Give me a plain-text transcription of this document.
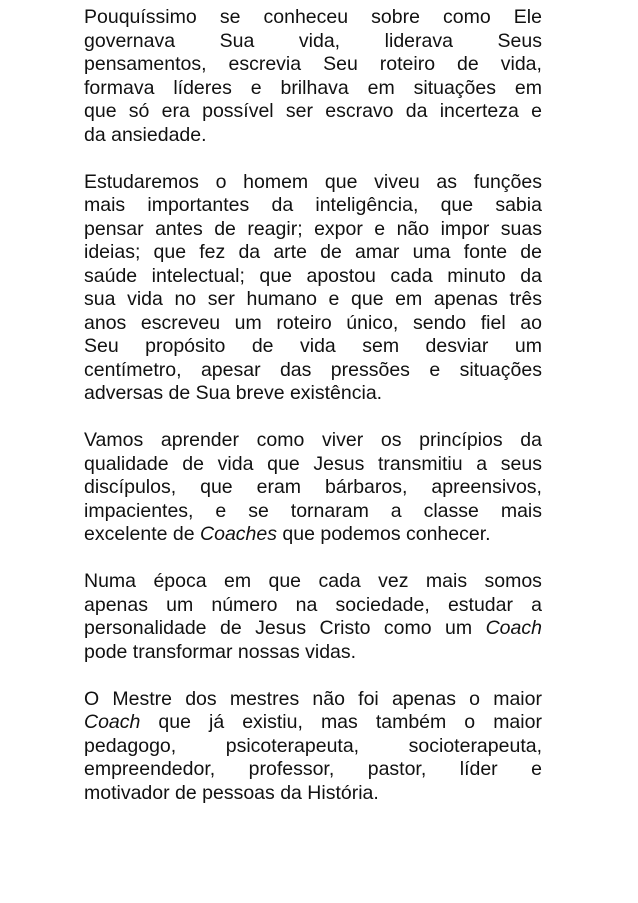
Pouquíssimo se conheceu sobre como Ele
governava Sua vida, liderava Seus
pensamentos, escrevia Seu roteiro de vida,
formava líderes e brilhava em situações em
que só era possível ser escravo da incerteza e
da ansiedade.
Estudaremos o homem que viveu as funções
mais importantes da inteligência, que sabia
pensar antes de reagir; expor e não impor suas
ideias; que fez da arte de amar uma fonte de
saúde intelectual; que apostou cada minuto da
sua vida no ser humano e que em apenas três
anos escreveu um roteiro único, sendo fiel ao
Seu propósito de vida sem desviar um
centímetro, apesar das pressões e situações
adversas de Sua breve existência.
Vamos aprender como viver os princípios da
qualidade de vida que Jesus transmitiu a seus
discípulos, que eram bárbaros, apreensivos,
impacientes, e se tornaram a classe mais
excelente de Coaches que podemos conhecer.
Numa época em que cada vez mais somos
apenas um número na sociedade, estudar a
personalidade de Jesus Cristo como um Coach
pode transformar nossas vidas.
O Mestre dos mestres não foi apenas o maior
Coach que já existiu, mas também o maior
pedagogo,	psicoterapeuta,	socioterapeuta,
empreendedor, professor, pastor, líder e
motivador de pessoas da História.
